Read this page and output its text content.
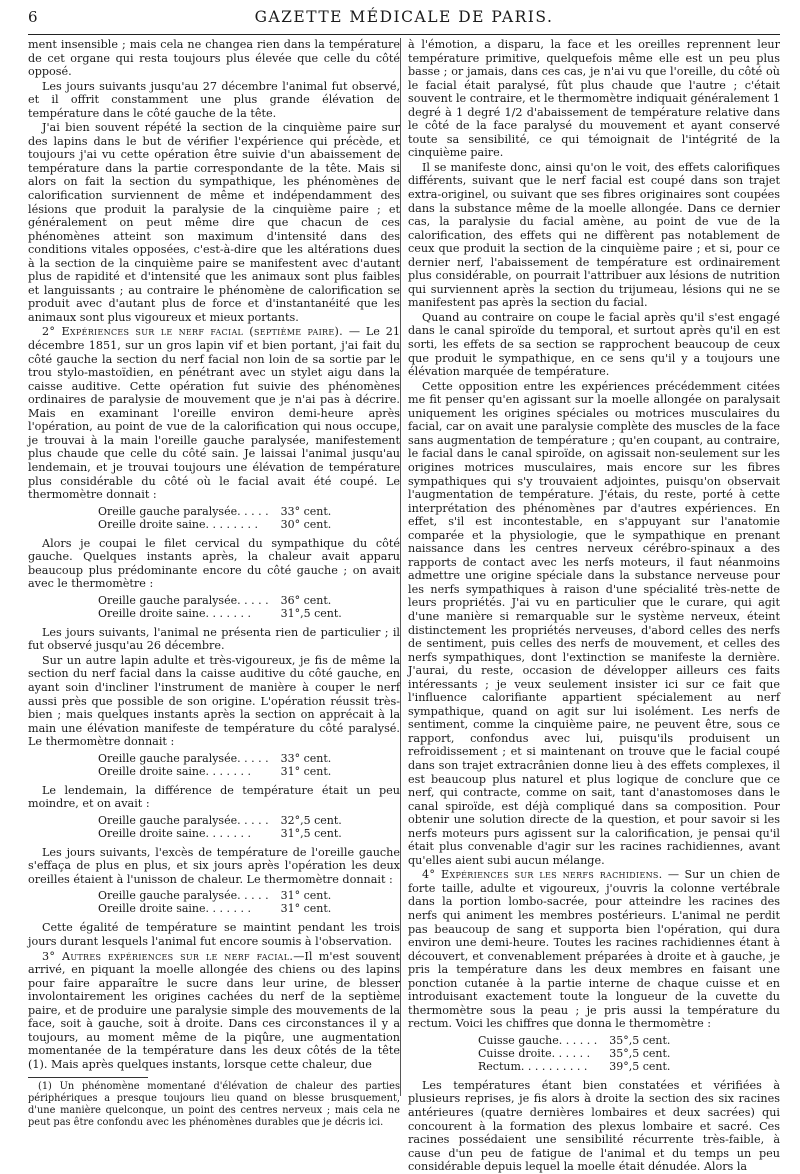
6	GAZETTE MÉDICALE DE PARIS.

ment insensible ; mais cela ne changea rien dans la température de cet organe qui resta toujours plus élevée que celle du côté opposé.

Les jours suivants jusqu'au 27 décembre l'animal fut observé, et il offrit constamment une plus grande élévation de température dans le côté gauche de la tête.

J'ai bien souvent répété la section de la cinquième paire sur des lapins dans le but de vérifier l'expérience qui précède, et toujours j'ai vu cette opération être suivie d'un abaissement de température dans la partie correspondante de la tête. Mais si alors on fait la section du sympathique, les phénomènes de calorification surviennent de même et indépendamment des lésions que produit la paralysie de la cinquième paire ; et généralement on peut même dire que chacun de ces phénomènes atteint son maximum d'intensité dans des conditions vitales opposées, c'est-à-dire que les altérations dues à la section de la cinquième paire se manifestent avec d'autant plus de rapidité et d'intensité que les animaux sont plus faibles et languissants ; au contraire le phénomène de calorification se produit avec d'autant plus de force et d'instantanéité que les animaux sont plus vigoureux et mieux portants.

2° Expériences sur le nerf facial (septième paire). — Le 21 décembre 1851, sur un gros lapin vif et bien portant, j'ai fait du côté gauche la section du nerf facial non loin de sa sortie par le trou stylo-mastoïdien, en pénétrant avec un stylet aigu dans la caisse auditive. Cette opération fut suivie des phénomènes ordinaires de paralysie de mouvement que je n'ai pas à décrire. Mais en examinant l'oreille environ demi-heure après l'opération, au point de vue de la calorification qui nous occupe, je trouvai à la main l'oreille gauche paralysée, manifestement plus chaude que celle du côté sain. Je laissai l'animal jusqu'au lendemain, et je trouvai toujours une élévation de température plus considérable du côté où le facial avait été coupé. Le thermomètre donnait :

Oreille gauche paralysée. . . . .	33° cent.
Oreille droite saine. . . . . . . .	30° cent.

Alors je coupai le filet cervical du sympathique du côté gauche. Quelques instants après, la chaleur avait apparu beaucoup plus prédominante encore du côté gauche ; on avait avec le thermomètre :

Oreille gauche paralysée. . . . .	36° cent.
Oreille droite saine. . . . . . .	31°,5 cent.

Les jours suivants, l'animal ne présenta rien de particulier ; il fut observé jusqu'au 26 décembre.

Sur un autre lapin adulte et très-vigoureux, je fis de même la section du nerf facial dans la caisse auditive du côté gauche, en ayant soin d'incliner l'instrument de manière à couper le nerf aussi près que possible de son origine. L'opération réussit très-bien ; mais quelques instants après la section on apprécait à la main une élévation manifeste de température du côté paralysé. Le thermomètre donnait :

Oreille gauche paralysée. . . . .	33° cent.
Oreille droite saine. . . . . . .	31° cent.

Le lendemain, la différence de température était un peu moindre, et on avait :

Oreille gauche paralysée. . . . .	32°,5 cent.
Oreille droite saine. . . . . . .	31°,5 cent.

Les jours suivants, l'excès de température de l'oreille gauche s'effaça de plus en plus, et six jours après l'opération les deux oreilles étaient à l'unisson de chaleur. Le thermomètre donnait :

Oreille gauche paralysée. . . . .	31° cent.
Oreille droite saine. . . . . . .	31° cent.

Cette égalité de température se maintint pendant les trois jours durant lesquels l'animal fut encore soumis à l'observation.

3° Autres expériences sur le nerf facial.—Il m'est souvent arrivé, en piquant la moelle allongée des chiens ou des lapins pour faire apparaître le sucre dans leur urine, de blesser involontairement les origines cachées du nerf de la septième paire, et de produire une paralysie simple des mouvements de la face, soit à gauche, soit à droite. Dans ces circonstances il y a toujours, au moment même de la piqûre, une augmentation momentanée de la température dans les deux côtés de la tête (1). Mais après quelques instants, lorsque cette chaleur, due

(1) Un phénomène momentané d'élévation de chaleur des parties périphériques a presque toujours lieu quand on blesse brusquement, d'une manière quelconque, un point des centres nerveux ; mais cela ne peut pas être confondu avec les phénomènes durables que je décris ici.

à l'émotion, a disparu, la face et les oreilles reprennent leur température primitive, quelquefois même elle est un peu plus basse ; or jamais, dans ces cas, je n'ai vu que l'oreille, du côté où le facial était paralysé, fût plus chaude que l'autre ; c'était souvent le contraire, et le thermomètre indiquait généralement 1 degré à 1 degré 1/2 d'abaissement de température relative dans le côté de la face paralysé du mouvement et ayant conservé toute sa sensibilité, ce qui témoignait de l'intégrité de la cinquième paire.

Il se manifeste donc, ainsi qu'on le voit, des effets calorifiques différents, suivant que le nerf facial est coupé dans son trajet extra-originel, ou suivant que ses fibres originaires sont coupées dans la substance même de la moelle allongée. Dans ce dernier cas, la paralysie du facial amène, au point de vue de la calorification, des effets qui ne diffèrent pas notablement de ceux que produit la section de la cinquième paire ; et si, pour ce dernier nerf, l'abaissement de température est ordinairement plus considérable, on pourrait l'attribuer aux lésions de nutrition qui surviennent après la section du trijumeau, lésions qui ne se manifestent pas après la section du facial.

Quand au contraire on coupe le facial après qu'il s'est engagé dans le canal spiroïde du temporal, et surtout après qu'il en est sorti, les effets de sa section se rapprochent beaucoup de ceux que produit le sympathique, en ce sens qu'il y a toujours une élévation marquée de température.

Cette opposition entre les expériences précédemment citées me fit penser qu'en agissant sur la moelle allongée on paralysait uniquement les origines spéciales ou motrices musculaires du facial, car on avait une paralysie complète des muscles de la face sans augmentation de température ; qu'en coupant, au contraire, le facial dans le canal spiroïde, on agissait non-seulement sur les origines motrices musculaires, mais encore sur les fibres sympathiques qui s'y trouvaient adjointes, puisqu'on observait l'augmentation de température. J'étais, du reste, porté à cette interprétation des phénomènes par d'autres expériences. En effet, s'il est incontestable, en s'appuyant sur l'anatomie comparée et la physiologie, que le sympathique en prenant naissance dans les centres nerveux cérébro-spinaux a des rapports de contact avec les nerfs moteurs, il faut néanmoins admettre une origine spéciale dans la substance nerveuse pour les nerfs sympathiques à raison d'une spécialité très-nette de leurs propriétés. J'ai vu en particulier que le curare, qui agit d'une manière si remarquable sur le système nerveux, éteint distinctement les propriétés nerveuses, d'abord celles des nerfs de sentiment, puis celles des nerfs de mouvement, et celles des nerfs sympathiques, dont l'extinction se manifeste la dernière. J'aurai, du reste, occasion de développer ailleurs ces faits intéressants ; je veux seulement insister ici sur ce fait que l'influence calorifiante appartient spécialement au nerf sympathique, quand on agit sur lui isolément. Les nerfs de sentiment, comme la cinquième paire, ne peuvent être, sous ce rapport, confondus avec lui, puisqu'ils produisent un refroidissement ; et si maintenant on trouve que le facial coupé dans son trajet extracrânien donne lieu à des effets complexes, il est beaucoup plus naturel et plus logique de conclure que ce nerf, qui contracte, comme on sait, tant d'anastomoses dans le canal spiroïde, est déjà compliqué dans sa composition. Pour obtenir une solution directe de la question, et pour savoir si les nerfs moteurs purs agissent sur la calorification, je pensai qu'il était plus convenable d'agir sur les racines rachidiennes, avant qu'elles aient subi aucun mélange.

4° Expériences sur les nerfs rachidiens. — Sur un chien de forte taille, adulte et vigoureux, j'ouvris la colonne vertébrale dans la portion lombo-sacrée, pour atteindre les racines des nerfs qui animent les membres postérieurs. L'animal ne perdit pas beaucoup de sang et supporta bien l'opération, qui dura environ une demi-heure. Toutes les racines rachidiennes étant à découvert, et convenablement préparées à droite et à gauche, je pris la température dans les deux membres en faisant une ponction cutanée à la partie interne de chaque cuisse et en introduisant exactement toute la longueur de la cuvette du thermomètre sous la peau ; je pris aussi la température du rectum. Voici les chiffres que donna le thermomètre :

Cuisse gauche. . . . . .	35°,5 cent.
Cuisse droite. . . . . .	35°,5 cent.
Rectum. . . . . . . . . .	39°,5 cent.

Les températures étant bien constatées et vérifiées à plusieurs reprises, je fis alors à droite la section des six racines antérieures (quatre dernières lombaires et deux sacrées) qui concourent à la formation des plexus lombaire et sacré. Ces racines possédaient une sensibilité récurrente très-faible, à cause d'un peu de fatigue de l'animal et du temps un peu considérable depuis lequel la moelle était dénudée. Alors la
